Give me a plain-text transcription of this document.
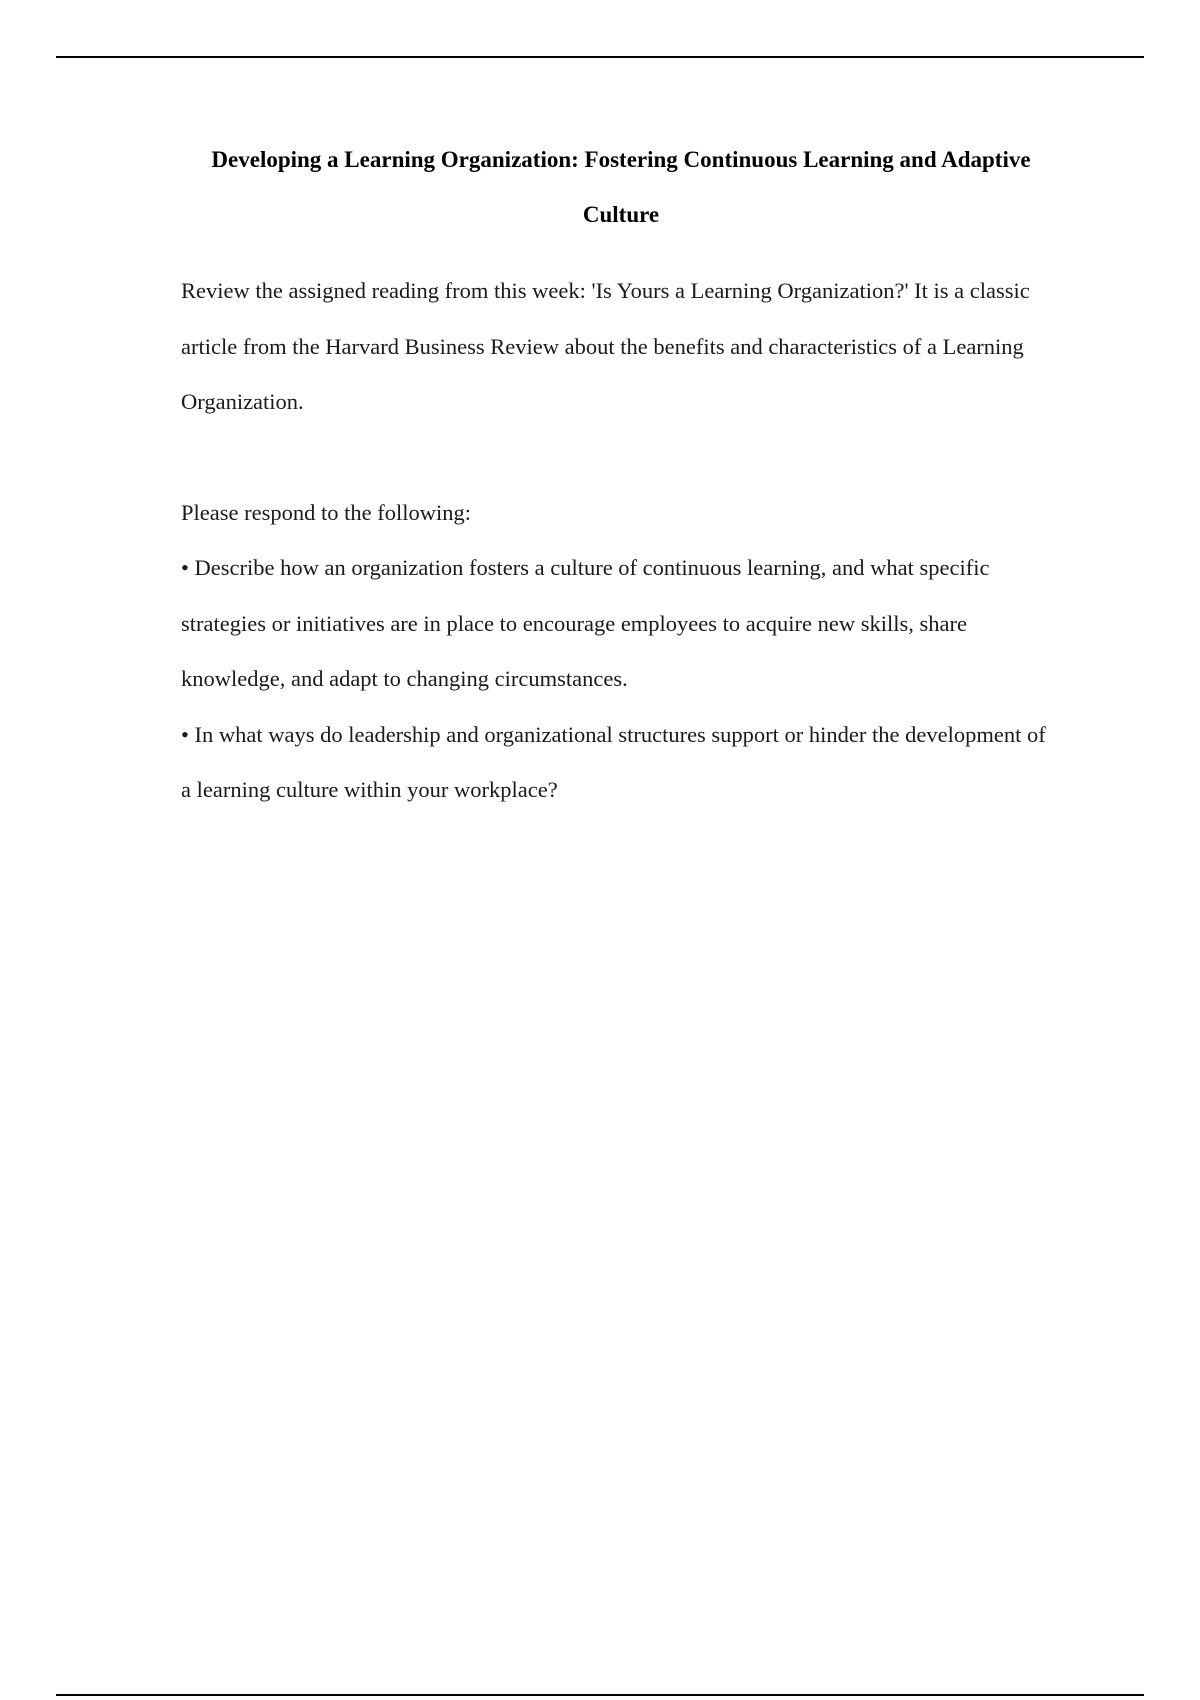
Developing a Learning Organization: Fostering Continuous Learning and Adaptive Culture

Review the assigned reading from this week: 'Is Yours a Learning Organization?' It is a classic article from the Harvard Business Review about the benefits and characteristics of a Learning Organization.

Please respond to the following:

• Describe how an organization fosters a culture of continuous learning, and what specific strategies or initiatives are in place to encourage employees to acquire new skills, share knowledge, and adapt to changing circumstances.

• In what ways do leadership and organizational structures support or hinder the development of a learning culture within your workplace?
